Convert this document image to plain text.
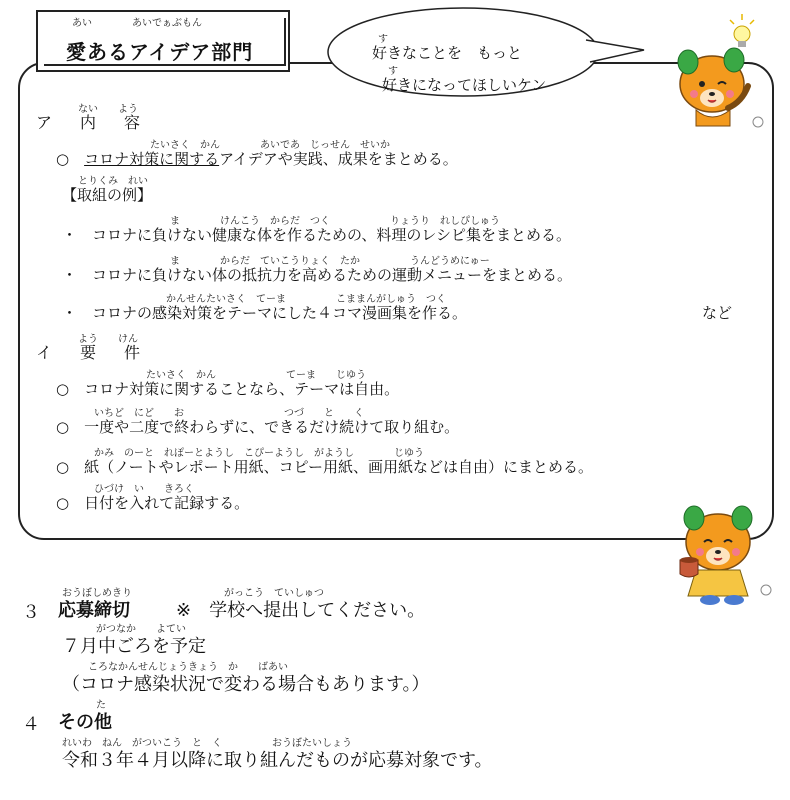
あい　　　　あいでぁぶもん
愛あるアイデア部門
す
好きなことを　もっと
す
好きになってほしいケン
ない　　よう
ア　内　容
たいさく　かん　　　　あいであ　じっせん　せいか
○　コロナ対策に関するアイデアや実践、成果をまとめる。
とりくみ　れい
【取組の例】
ま　　　　けんこう　からだ　つく　　　　　　りょうり　れしぴしゅう
・　コロナに負けない健康な体を作るための、料理のレシピ集をまとめる。
ま　　　　からだ　ていこうりょく　たか　　　　　うんどうめにゅー
・　コロナに負けない体の抵抗力を高めるための運動メニューをまとめる。
かんせんたいさく　てーま　　　　　こままんがしゅう　つく
・　コロナの感染対策をテーマにした４コマ漫画集を作る。	など
よう　　けん
イ　要　件
たいさく　かん　　　　　　　てーま　　じゆう
○　コロナ対策に関することなら、テーマは自由。
いちど　にど　　お　　　　　　　　　　つづ　　と　　く
○　一度や二度で終わらずに、できるだけ続けて取り組む。
かみ　のーと　れぽーとようし　こぴーようし　がようし　　　　じゆう
○　紙（ノートやレポート用紙、コピー用紙、画用紙などは自由）にまとめる。
ひづけ　い　　きろく
○　日付を入れて記録する。
３
おうぼしめきり
応募締切
がっこう　ていしゅつ
※　学校へ提出してください。
がつなか　　よてい
７月中ごろを予定
ころなかんせんじょうきょう　か　　ばあい
（コロナ感染状況で変わる場合もあります。）
４
た
その他
れいわ　ねん　がついこう　と　く　　　　　おうぼたいしょう
令和３年４月以降に取り組んだものが応募対象です。
